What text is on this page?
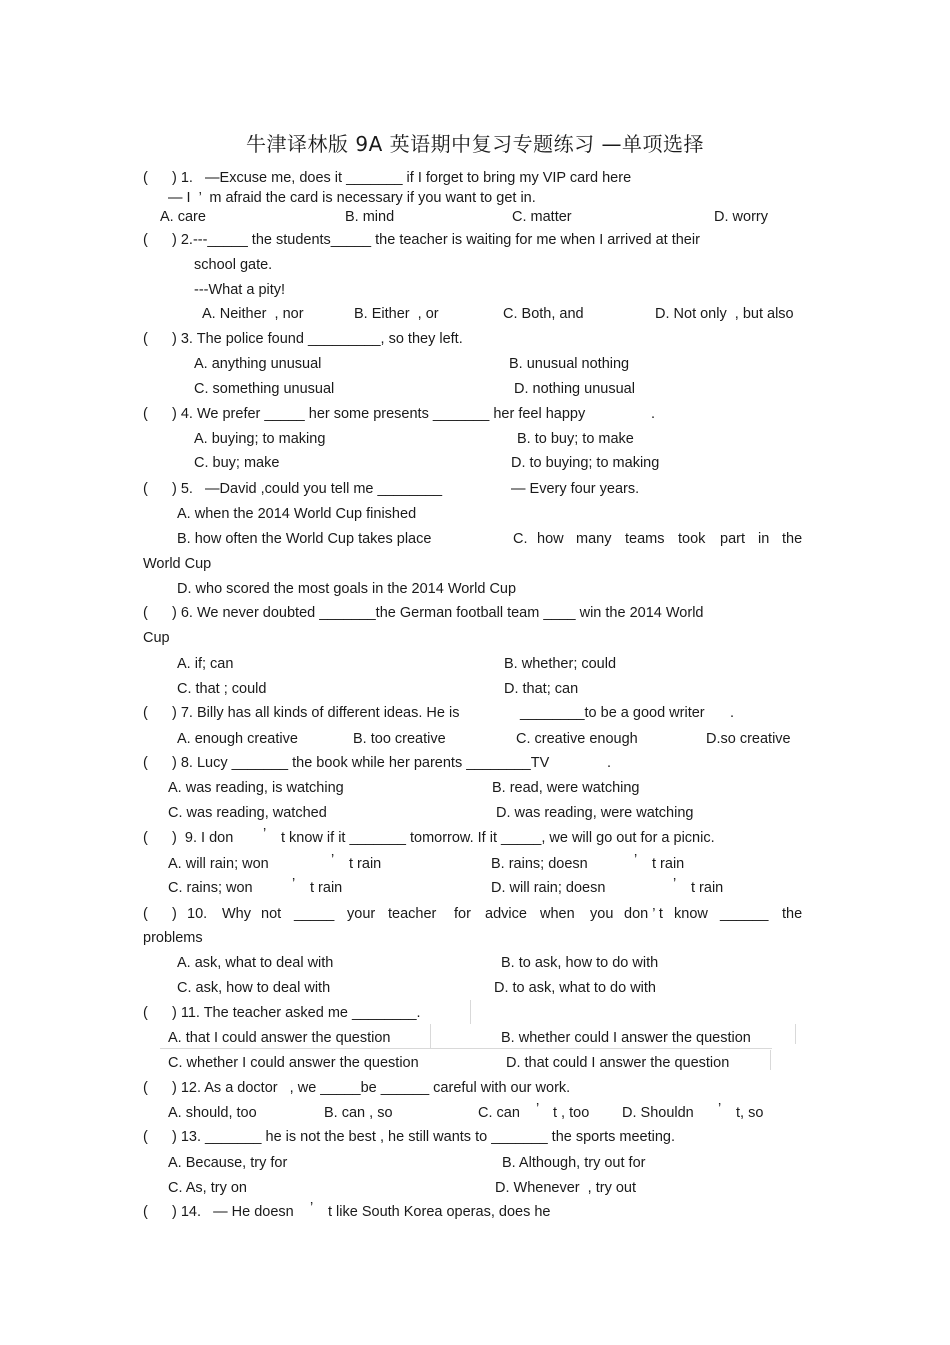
牛津译林版 9A 英语期中复习专题练习 —单项选择
(      ) 1.   —Excuse me, does it _______ if I forget to bring my VIP card here
— I  ’  m afraid the card is necessary if you want to get in.
A. care	B. mind	C. matter	D. worry
(      ) 2.---_____ the students_____ the teacher is waiting for me when I arrived at their
school gate.
---What a pity!
A. Neither  , nor	B. Either  , or	C. Both, and	D. Not only  , but also
(      ) 3. The police found _________, so they left.
A. anything unusual	B. unusual nothing
C. something unusual	D. nothing unusual
(      ) 4. We prefer _____ her some presents _______ her feel happy	.
A. buying; to making	B. to buy; to make
C. buy; make	D. to buying; to making
(      ) 5.   —David ,could you tell me ________	— Every four years.
A. when the 2014 World Cup finished
B. how often the World Cup takes place	C. how many teams took part in the
World Cup
D. who scored the most goals in the 2014 World Cup
(      ) 6. We never doubted _______the German football team ____ win the 2014 World
Cup
A. if; can	B. whether; could
C. that ; could	D. that; can
(      ) 7. Billy has all kinds of different ideas. He is	________to be a good writer .
A. enough creative	B. too creative	C. creative enough	D.so creative
(      ) 8. Lucy _______ the book while her parents ________TV	.
A. was reading, is watching	B. read, were watching
C. was reading, watched	D. was reading, were watching
(      )  9. I don ’ t know if it _______ tomorrow. If it _____, we will go out for a picnic.
A. will rain; won	’ t rain	B. rains; doesn	’ t rain
C. rains; won	’ t rain	D. will rain; doesn	’ t rain
(      ) 10. Why not _____ your teacher for advice when you don ’ t know ______ the
problems
A. ask, what to deal with	B. to ask, how to do with
C. ask, how to deal with	D. to ask, what to do with
(      ) 11. The teacher asked me ________.
A. that I could answer the question	B. whether could I answer the question
C. whether I could answer the question	D. that could I answer the question
(      ) 12. As a doctor   , we _____be ______ careful with our work.
A. should, too	B. can , so	C. can ’ t , too D. Shouldn ’ t, so
(      ) 13. _______ he is not the best , he still wants to _______ the sports meeting.
A. Because, try for	B. Although, try out for
C. As, try on	D. Whenever  , try out
(      ) 14.   — He doesn ’ t like South Korea operas, does he
